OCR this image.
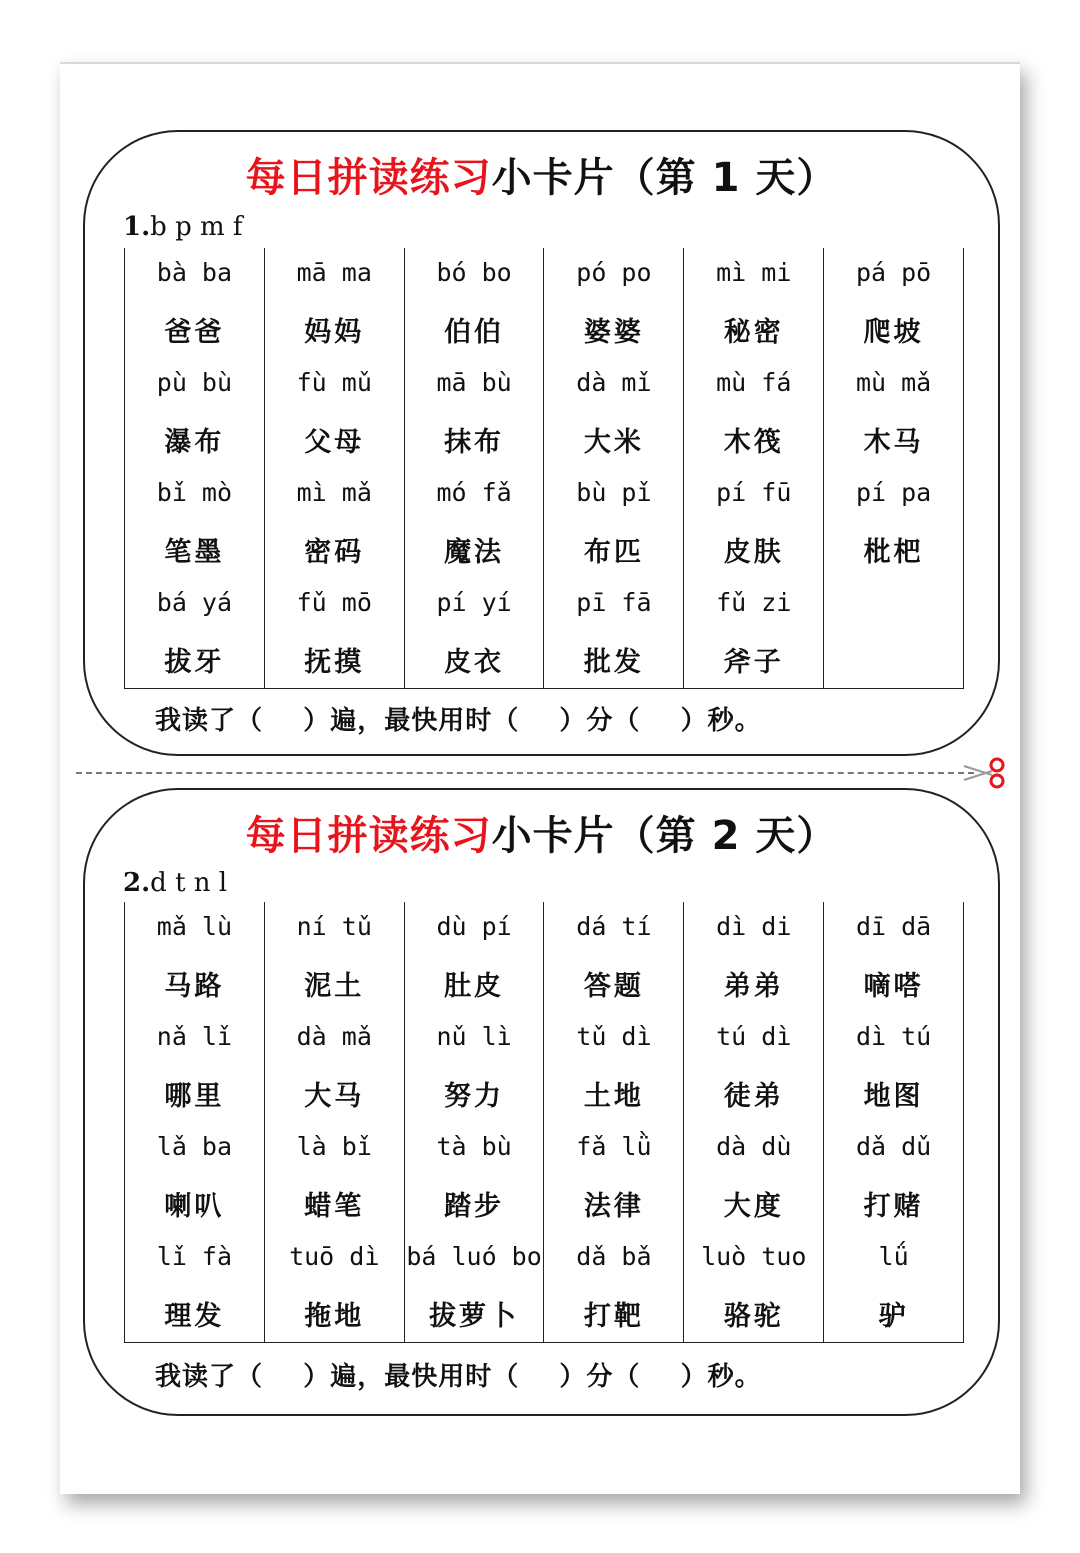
每日拼读练习小卡片（第 1 天）
1.b p m f
bà ba
爸爸
mā ma
妈妈
bó bo
伯伯
pó po
婆婆
mì mi
秘密
pá pō
爬坡
pù bù
瀑布
fù mǔ
父母
mā bù
抹布
dà mǐ
大米
mù fá
木筏
mù mǎ
木马
bǐ mò
笔墨
mì mǎ
密码
mó fǎ
魔法
bù pǐ
布匹
pí fū
皮肤
pí pa
枇杷
bá yá
拔牙
fǔ mō
抚摸
pí yí
皮衣
pī fā
批发
fǔ zi
斧子
我读了（    ）遍，最快用时（    ）分（    ）秒。
每日拼读练习小卡片（第 2 天）
2.d t n l
mǎ lù
马路
ní tǔ
泥土
dù pí
肚皮
dá tí
答题
dì di
弟弟
dī dā
嘀嗒
nǎ lǐ
哪里
dà mǎ
大马
nǔ lì
努力
tǔ dì
土地
tú dì
徒弟
dì tú
地图
lǎ ba
喇叭
là bǐ
蜡笔
tà bù
踏步
fǎ lǜ
法律
dà dù
大度
dǎ dǔ
打赌
lǐ fà
理发
tuō dì
拖地
bá luó bo
拔萝卜
dǎ bǎ
打靶
luò tuo
骆驼
lǘ
驴
我读了（    ）遍，最快用时（    ）分（    ）秒。
